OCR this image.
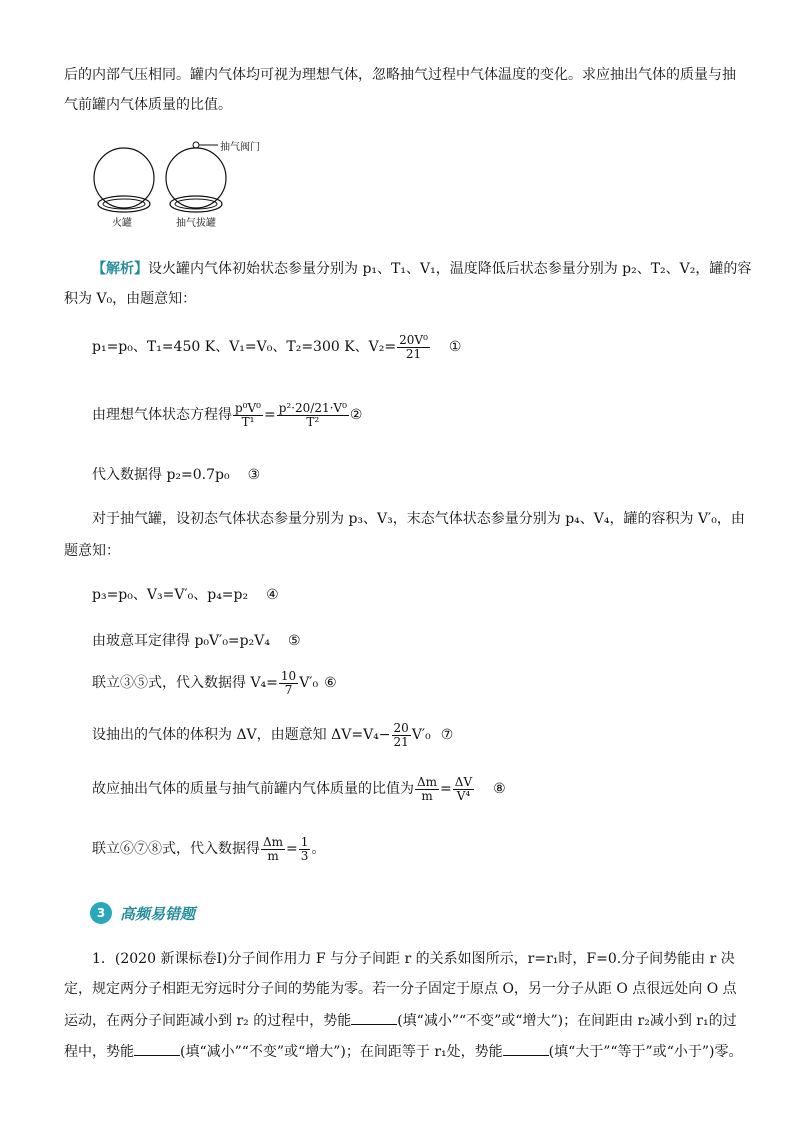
后的内部气压相同。罐内气体均可视为理想气体，忽略抽气过程中气体温度的变化。求应抽出气体的质量与抽
气前罐内气体质量的比值。
抽气阀门
火罐	抽气拔罐
【解析】设火罐内气体初始状态参量分别为 p₁、T₁、V₁，温度降低后状态参量分别为 p₂、T₂、V₂，罐的容
积为 V₀，由题意知：
p₁=p₀、T₁=450 K、V₁=V₀、T₂=300 K、$V_2= \frac{\text{20V⁰}}{21}$ ①
由理想气体状态方程得 $\frac{\text{p⁰V⁰}}{\text{T¹}} = \frac{\text{p²·20/21·V⁰}}{\text{T²}}$ ②
代入数据得 p₂=0.7p₀ ③
对于抽气罐，设初态气体状态参量分别为 p₃、V₃，末态气体状态参量分别为 p₄、V₄，罐的容积为 V′₀，由
题意知：
p₃=p₀、V₃=V′₀、p₄=p₂ ④
由玻意耳定律得 p₀V′₀=p₂V₄ ⑤
联立③⑤式，代入数据得 $V_4= \frac{10}{7} V'_0$ ⑥
设抽出的气体的体积为 ΔV，由题意知 $\Delta V=V_4- \frac{20}{21} V'_0$ ⑦
故应抽出气体的质量与抽气前罐内气体质量的比值为 $\frac{\Delta m}{m} = \frac{\Delta V}{\text{V⁴}}$ ⑧
联立⑥⑦⑧式，代入数据得 $\frac{\Delta m}{m} = \frac{1}{3}$ 。
3 高频易错题
1．(2020 新课标卷Ⅰ)分子间作用力 F 与分子间距 r 的关系如图所示，r=r₁时，F=0.分子间势能由 r 决
定，规定两分子相距无穷远时分子间的势能为零。若一分子固定于原点 O，另一分子从距 O 点很远处向 O 点
运动，在两分子间距减小到 r₂ 的过程中，势能	(填“减小”“不变”或“增大”)；在间距由 r₂减小到 r₁的过
程中，势能	(填“减小”“不变”或“增大”)；在间距等于 r₁处，势能	(填“大于”“等于”或“小于”)零。
